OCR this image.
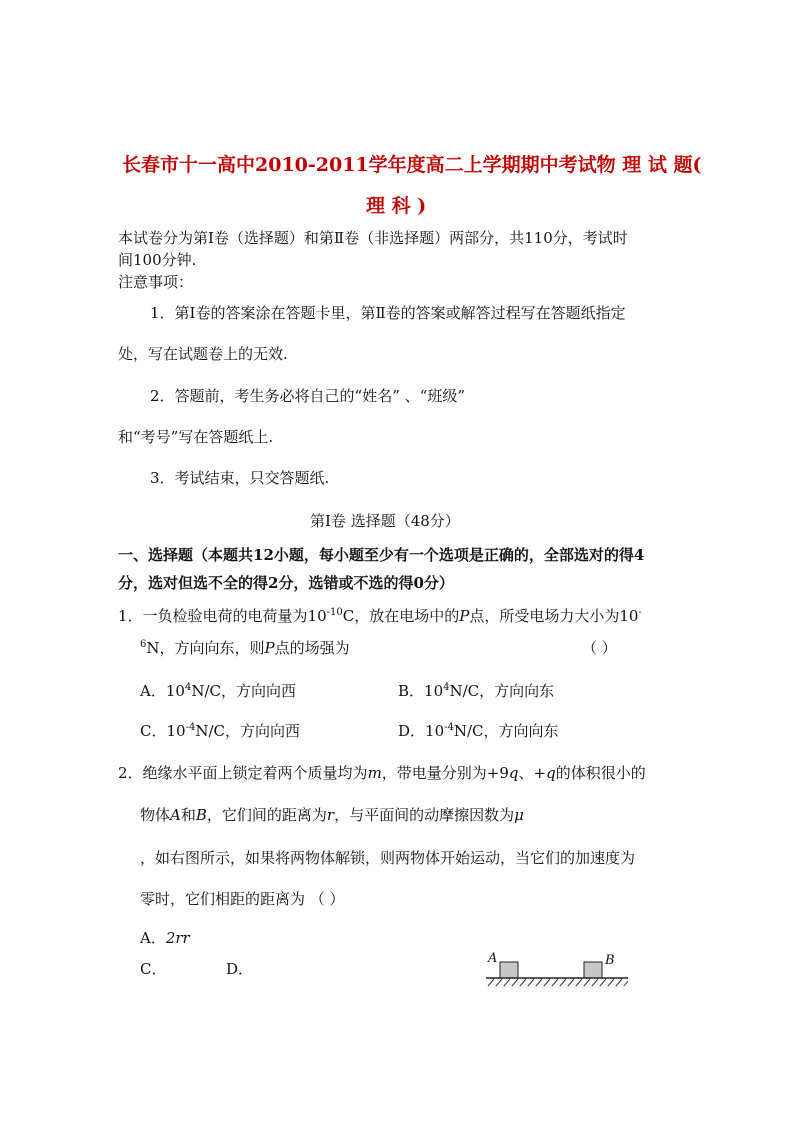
长春市十一高中2010-2011学年度高二上学期期中考试物 理 试 题(
理 科 )
本试卷分为第Ⅰ卷（选择题）和第Ⅱ卷（非选择题）两部分，共110分，考试时
间100分钟.
注意事项：
1．第Ⅰ卷的答案涂在答题卡里，第Ⅱ卷的答案或解答过程写在答题纸指定
处，写在试题卷上的无效.
2．答题前，考生务必将自己的“姓名” 、“班级”
和“考号”写在答题纸上.
3．考试结束，只交答题纸.
第Ⅰ卷 选择题（48分）
一、选择题（本题共12小题，每小题至少有一个选项是正确的，全部选对的得4
分，选对但选不全的得2分，选错或不选的得0分）
1．一负检验电荷的电荷量为$10^{-10}C$，放在电场中的P点，所受电场力大小为10-
$^6$N，方向向东，则P点的场强为	（ ）
A．$10^4N/C$，方向向西	B．$10^4N/C$，方向向东
C．$10^{-4}N/C$，方向向西	D．$10^{-4}N/C$，方向向东
2．绝缘水平面上锁定着两个质量均为m，带电量分别为+9q、+q的体积很小的
物体A和B，它们间的距离为r，与平面间的动摩擦因数为μ
，如右图所示，如果将两物体解锁，则两物体开始运动，当它们的加速度为
零时，它们相距的距离为 （ ）
A．2rr
C．	D．
A	B
